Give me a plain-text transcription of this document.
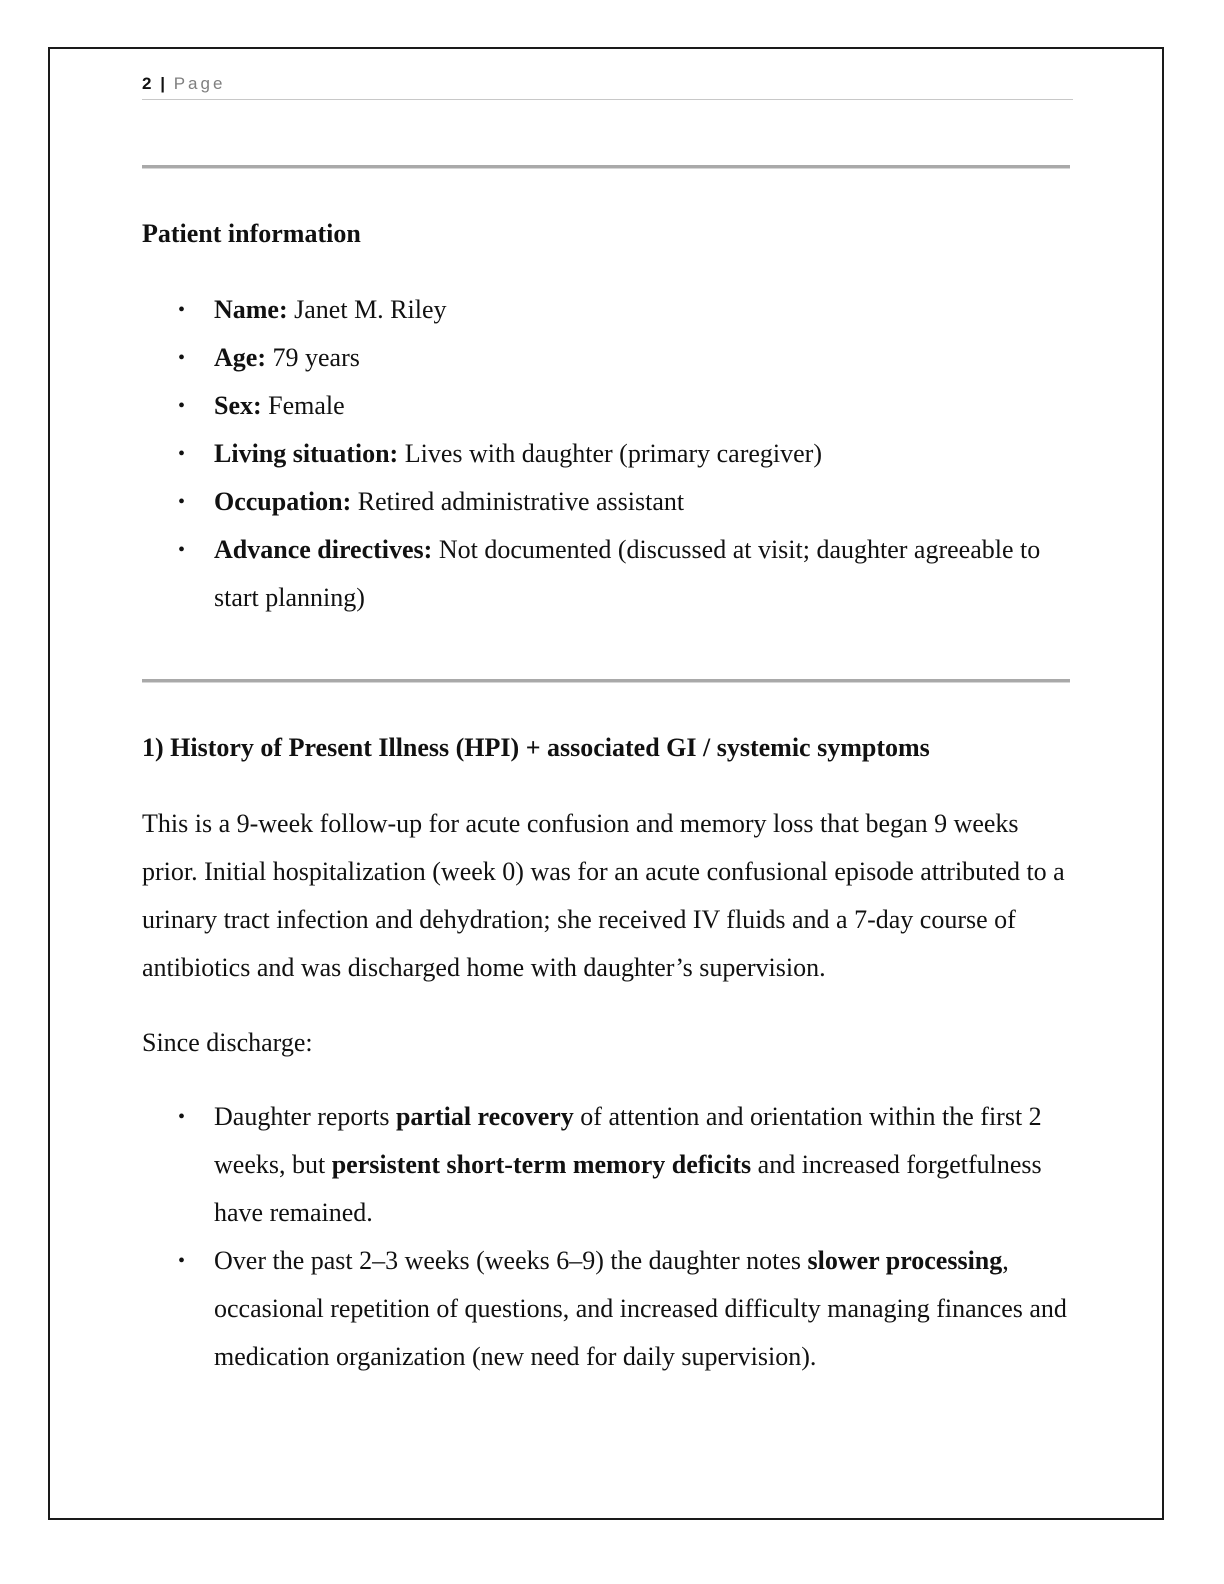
2 | Page
Patient information
• Name: Janet M. Riley
• Age: 79 years
• Sex: Female
• Living situation: Lives with daughter (primary caregiver)
• Occupation: Retired administrative assistant
• Advance directives: Not documented (discussed at visit; daughter agreeable to start planning)
1) History of Present Illness (HPI) + associated GI / systemic symptoms

This is a 9-week follow-up for acute confusion and memory loss that began 9 weeks prior. Initial hospitalization (week 0) was for an acute confusional episode attributed to a urinary tract infection and dehydration; she received IV fluids and a 7-day course of antibiotics and was discharged home with daughter’s supervision.

Since discharge:

• Daughter reports partial recovery of attention and orientation within the first 2 weeks, but persistent short-term memory deficits and increased forgetfulness have remained.
• Over the past 2–3 weeks (weeks 6–9) the daughter notes slower processing, occasional repetition of questions, and increased difficulty managing finances and medication organization (new need for daily supervision).
